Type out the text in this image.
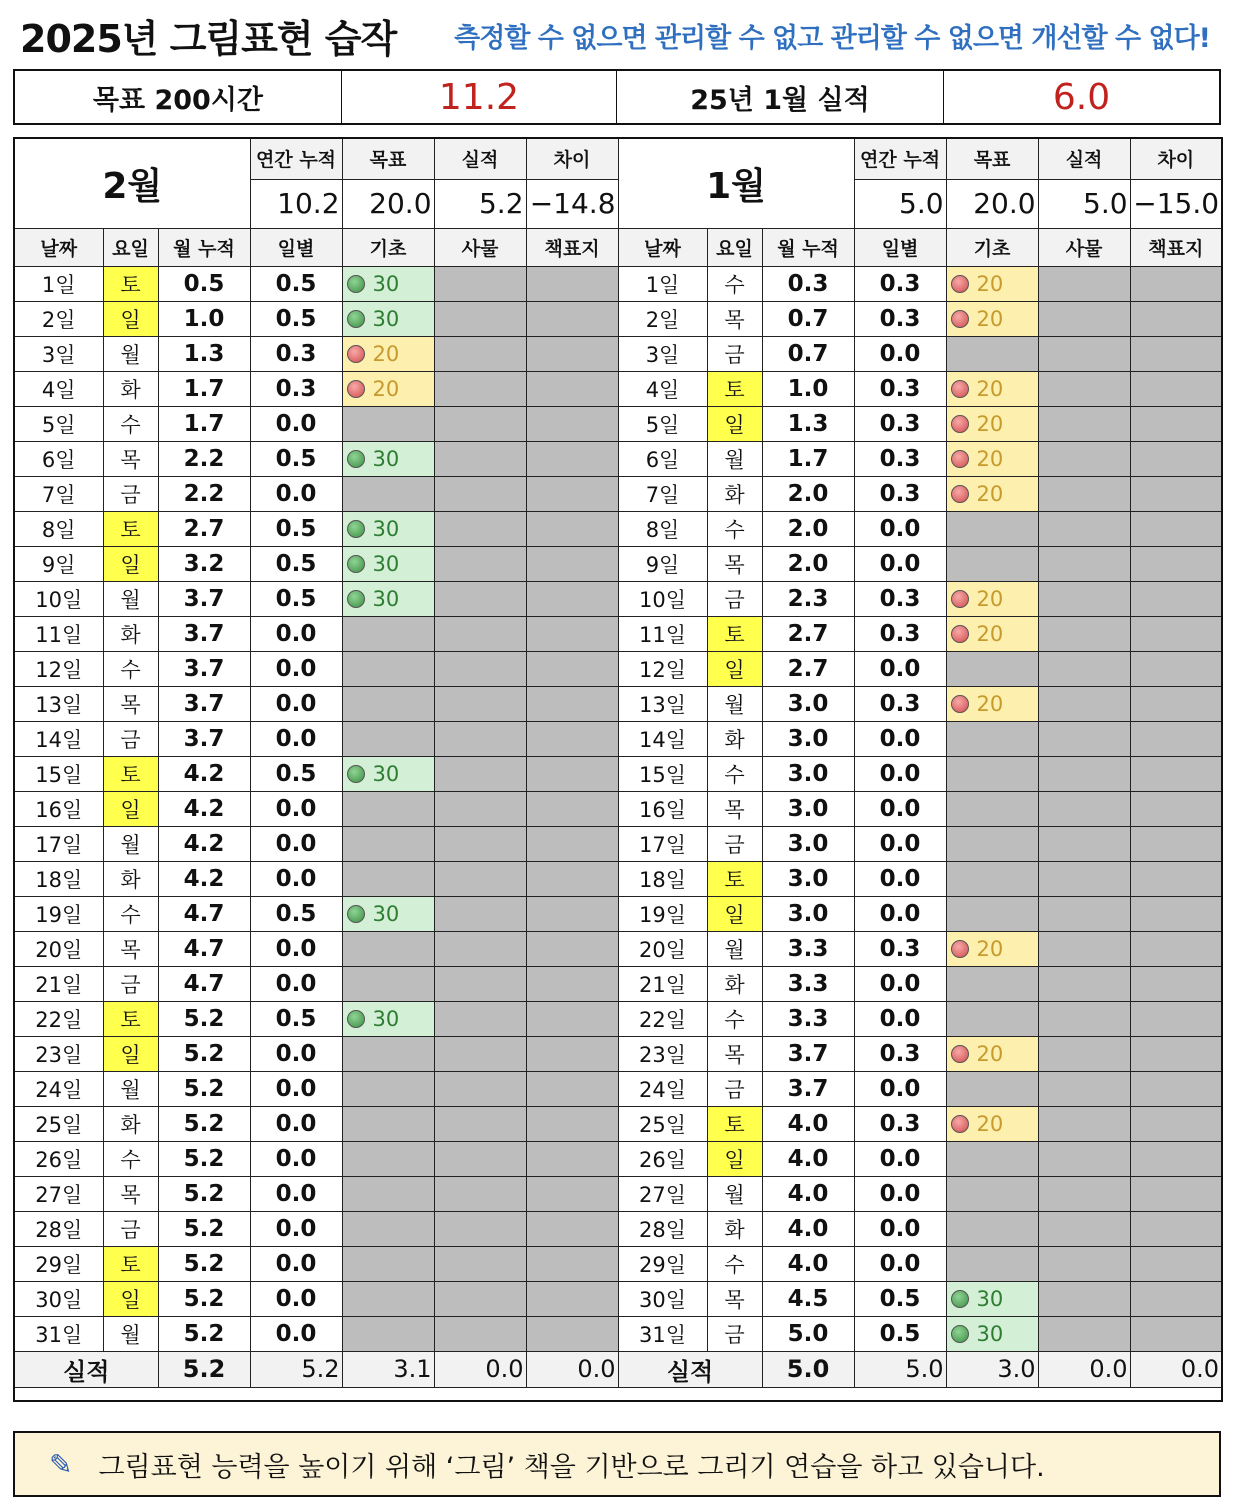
2025년 그림표현 습작 측정할 수 없으면 관리할 수 없고 관리할 수 없으면 개선할 수 없다!
목표 200시간	11.2	25년 1월 실적	6.0
2월			연간 누적	목표	실적	차이	1월			연간 누적	목표	실적	차이
			10.2	20.0	5.2	−14.8				5.0	20.0	5.0	−15.0
날짜	요일	월 누적	일별	기초	사물	책표지	날짜	요일	월 누적	일별	기초	사물	책표지
1일	토	0.5	0.5	30			1일	수	0.3	0.3	20		
2일	일	1.0	0.5	30			2일	목	0.7	0.3	20		
3일	월	1.3	0.3	20			3일	금	0.7	0.0			
4일	화	1.7	0.3	20			4일	토	1.0	0.3	20		
5일	수	1.7	0.0				5일	일	1.3	0.3	20		
6일	목	2.2	0.5	30			6일	월	1.7	0.3	20		
7일	금	2.2	0.0				7일	화	2.0	0.3	20		
8일	토	2.7	0.5	30			8일	수	2.0	0.0			
9일	일	3.2	0.5	30			9일	목	2.0	0.0			
10일	월	3.7	0.5	30			10일	금	2.3	0.3	20		
11일	화	3.7	0.0				11일	토	2.7	0.3	20		
12일	수	3.7	0.0				12일	일	2.7	0.0			
13일	목	3.7	0.0				13일	월	3.0	0.3	20		
14일	금	3.7	0.0				14일	화	3.0	0.0			
15일	토	4.2	0.5	30			15일	수	3.0	0.0			
16일	일	4.2	0.0				16일	목	3.0	0.0			
17일	월	4.2	0.0				17일	금	3.0	0.0			
18일	화	4.2	0.0				18일	토	3.0	0.0			
19일	수	4.7	0.5	30			19일	일	3.0	0.0			
20일	목	4.7	0.0				20일	월	3.3	0.3	20		
21일	금	4.7	0.0				21일	화	3.3	0.0			
22일	토	5.2	0.5	30			22일	수	3.3	0.0			
23일	일	5.2	0.0				23일	목	3.7	0.3	20		
24일	월	5.2	0.0				24일	금	3.7	0.0			
25일	화	5.2	0.0				25일	토	4.0	0.3	20		
26일	수	5.2	0.0				26일	일	4.0	0.0			
27일	목	5.2	0.0				27일	월	4.0	0.0			
28일	금	5.2	0.0				28일	화	4.0	0.0			
29일	토	5.2	0.0				29일	수	4.0	0.0			
30일	일	5.2	0.0				30일	목	4.5	0.5	30		
31일	월	5.2	0.0				31일	금	5.0	0.5	30		
실적		5.2	5.2	3.1	0.0	0.0	실적		5.0	5.0	3.0	0.0	0.0

✎ 그림표현 능력을 높이기 위해 ‘그림’ 책을 기반으로 그리기 연습을 하고 있습니다.
